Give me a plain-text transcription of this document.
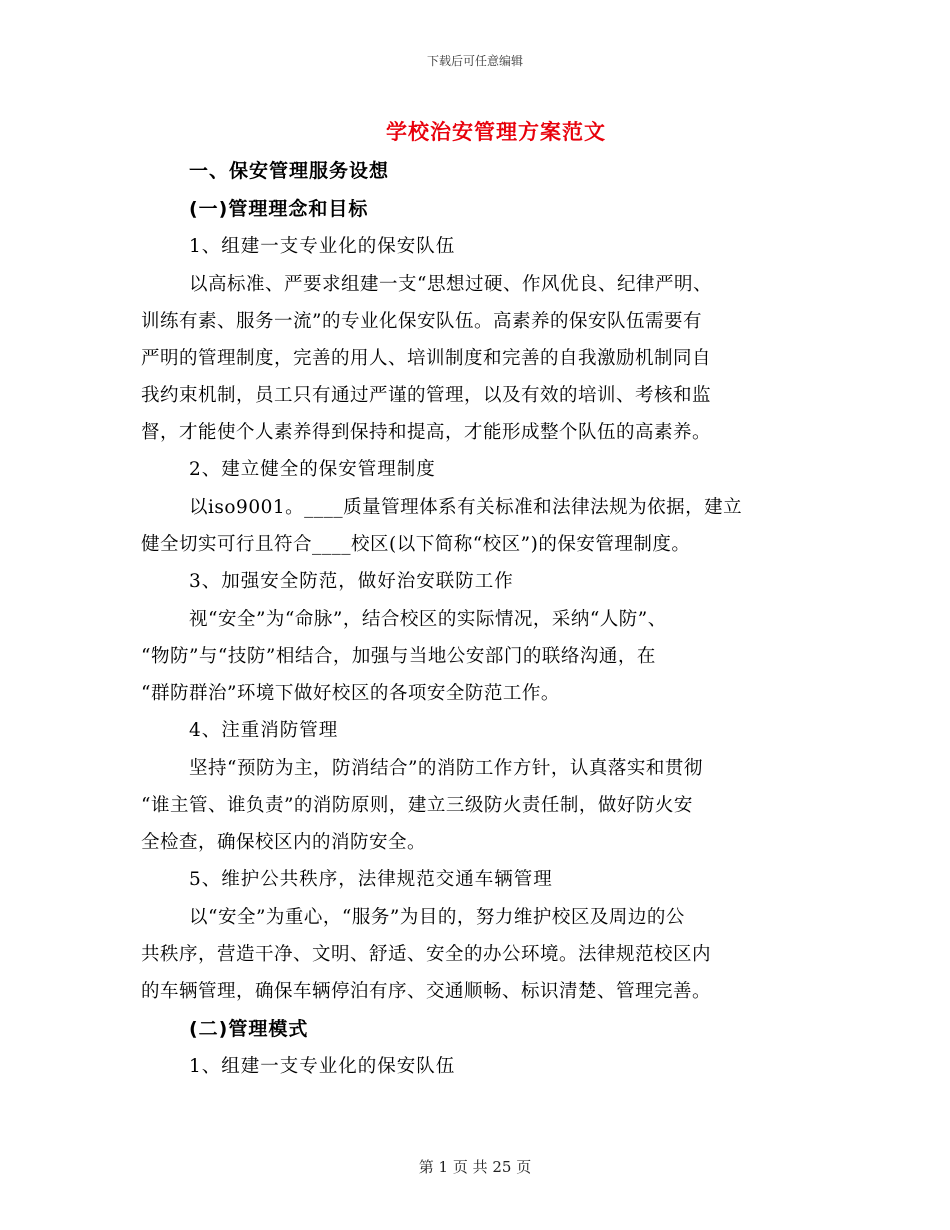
下载后可任意编辑
学校治安管理方案范文
一、保安管理服务设想
(一)管理理念和目标
1、组建一支专业化的保安队伍

以高标准、严要求组建一支“思想过硬、作风优良、纪律严明、
训练有素、服务一流”的专业化保安队伍。高素养的保安队伍需要有
严明的管理制度，完善的用人、培训制度和完善的自我激励机制同自
我约束机制，员工只有通过严谨的管理，以及有效的培训、考核和监
督，才能使个人素养得到保持和提高，才能形成整个队伍的高素养。

2、建立健全的保安管理制度

以iso9001。____质量管理体系有关标准和法律法规为依据，建立
健全切实可行且符合____校区(以下简称“校区”)的保安管理制度。

3、加强安全防范，做好治安联防工作

视“安全”为“命脉”，结合校区的实际情况，采纳“人防”、
“物防”与“技防”相结合，加强与当地公安部门的联络沟通，在
“群防群治”环境下做好校区的各项安全防范工作。

4、注重消防管理

坚持“预防为主，防消结合”的消防工作方针，认真落实和贯彻
“谁主管、谁负责”的消防原则，建立三级防火责任制，做好防火安
全检查，确保校区内的消防安全。

5、维护公共秩序，法律规范交通车辆管理

以“安全”为重心，“服务”为目的，努力维护校区及周边的公
共秩序，营造干净、文明、舒适、安全的办公环境。法律规范校区内
的车辆管理，确保车辆停泊有序、交通顺畅、标识清楚、管理完善。

(二)管理模式
1、组建一支专业化的保安队伍
第 1 页 共 25 页
